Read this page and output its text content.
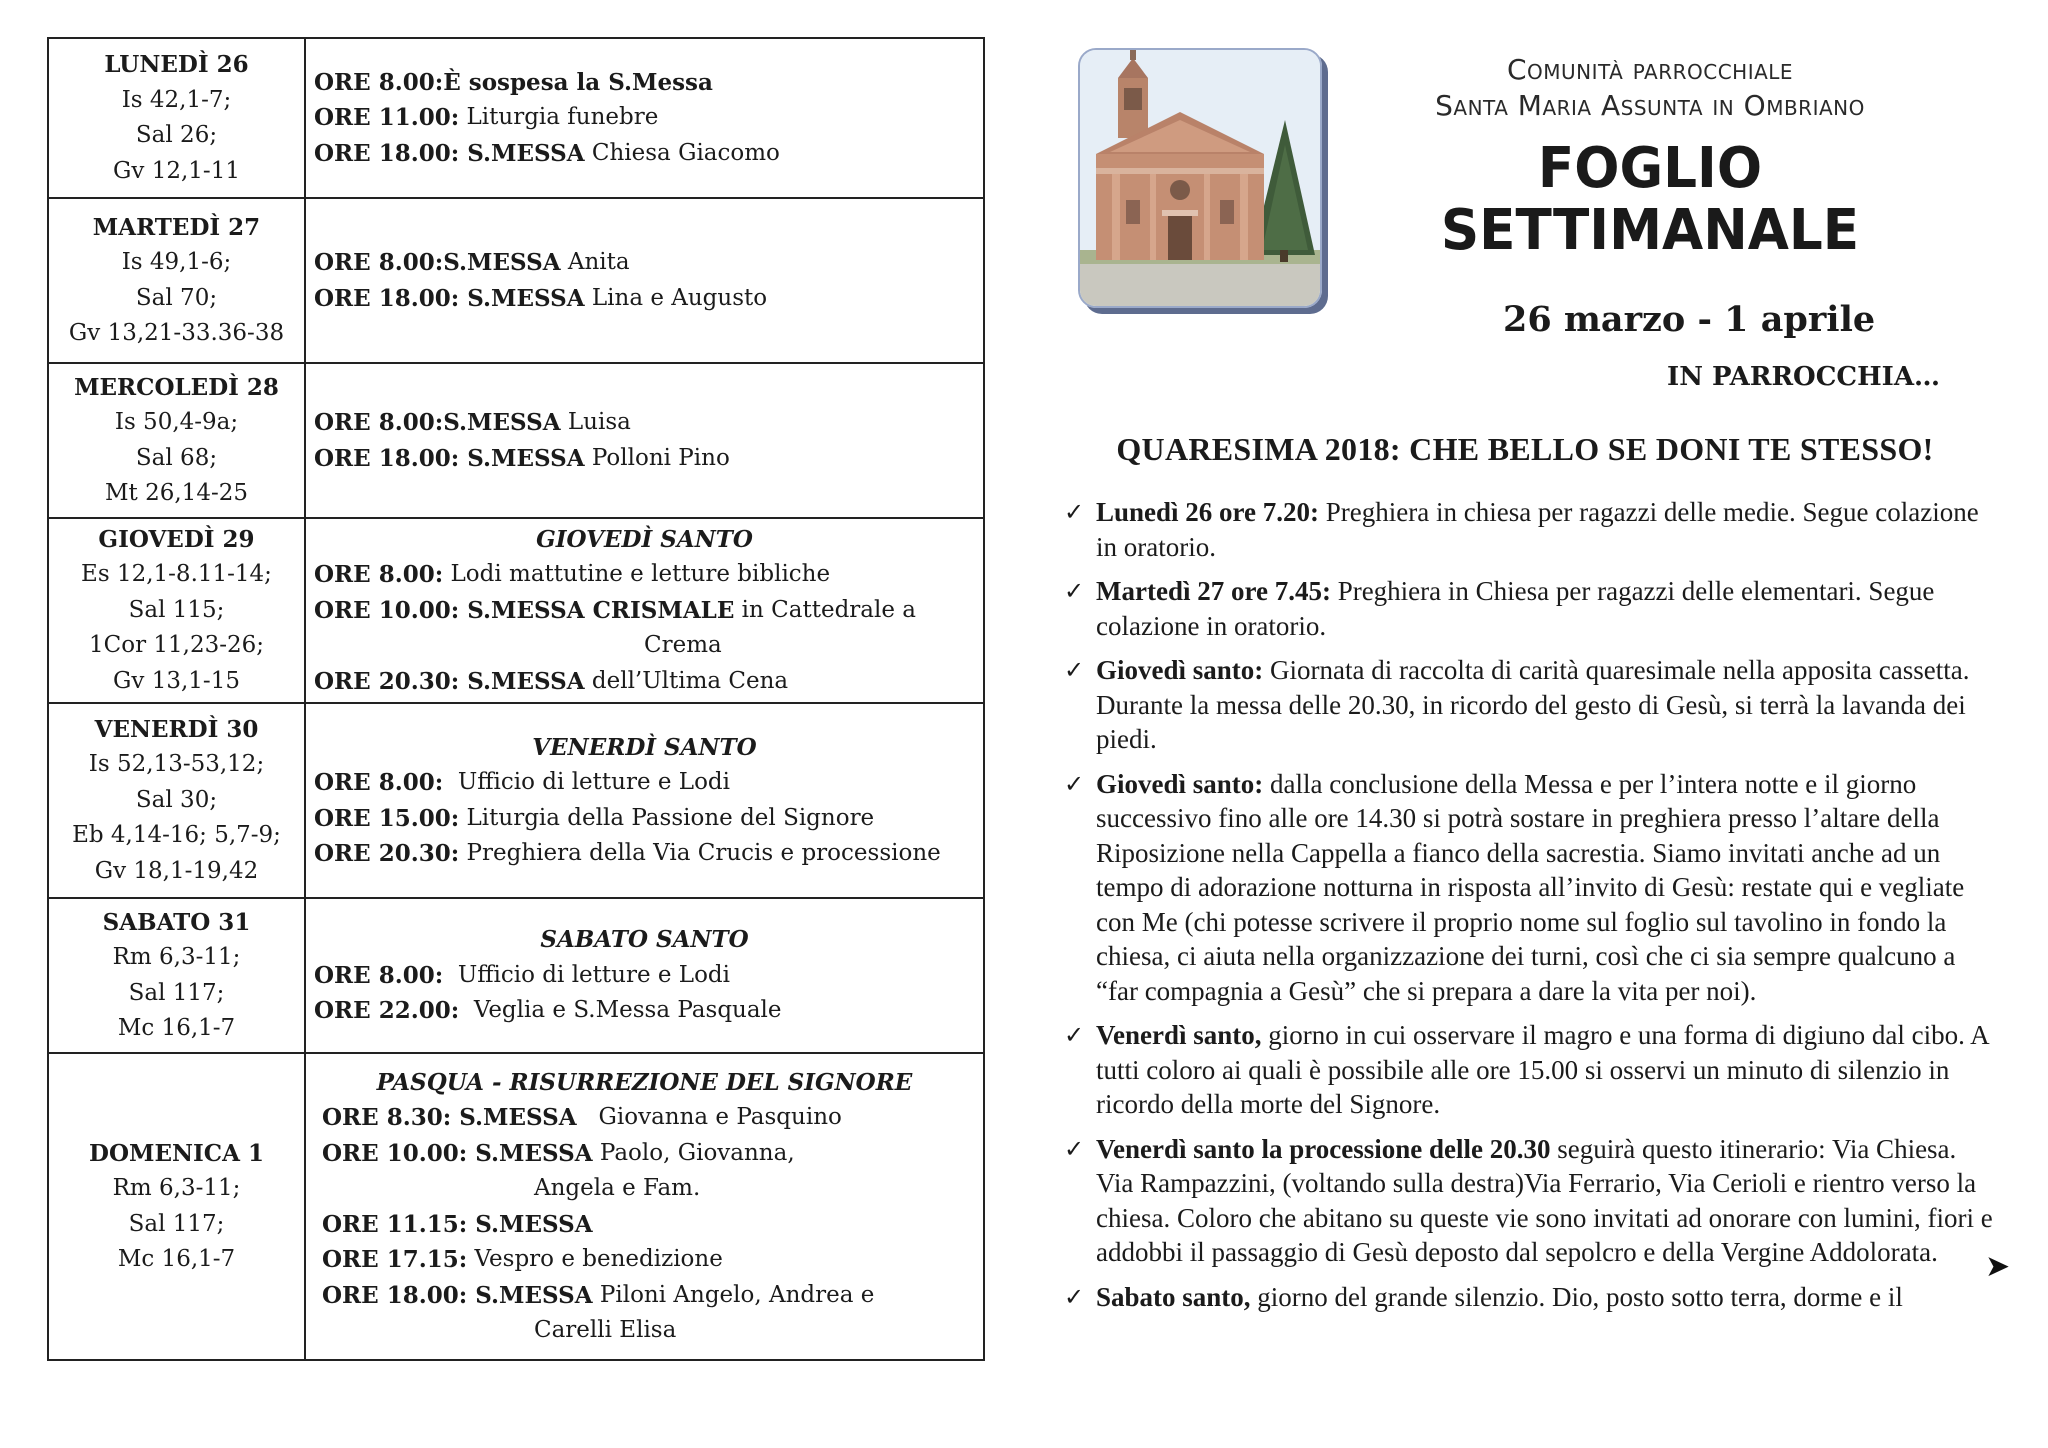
LUNEDÌ 26
Is 42,1-7;
Sal 26;
Gv 12,1-11
ORE 8.00: È sospesa la S.Messa
ORE 11.00: Liturgia funebre
ORE 18.00: S.MESSA Chiesa Giacomo
MARTEDÌ 27
Is 49,1-6;
Sal 70;
Gv 13,21-33.36-38
ORE 8.00: S.MESSA Anita
ORE 18.00: S.MESSA Lina e Augusto
MERCOLEDÌ 28
Is 50,4-9a;
Sal 68;
Mt 26,14-25
ORE 8.00: S.MESSA Luisa
ORE 18.00: S.MESSA Polloni Pino
GIOVEDÌ 29
Es 12,1-8.11-14;
Sal 115;
1Cor 11,23-26;
Gv 13,1-15
GIOVEDÌ SANTO
ORE 8.00: Lodi mattutine e letture bibliche
ORE 10.00: S.MESSA CRISMALE in Cattedrale a
Crema
ORE 20.30: S.MESSA dell’Ultima Cena
VENERDÌ 30
Is 52,13-53,12;
Sal 30;
Eb 4,14-16; 5,7-9;
Gv 18,1-19,42
VENERDÌ SANTO
ORE 8.00: Ufficio di letture e Lodi
ORE 15.00: Liturgia della Passione del Signore
ORE 20.30: Preghiera della Via Crucis e processione
SABATO 31
Rm 6,3-11;
Sal 117;
Mc 16,1-7
SABATO SANTO
ORE 8.00: Ufficio di letture e Lodi
ORE 22.00: Veglia e S.Messa Pasquale
DOMENICA 1
Rm 6,3-11;
Sal 117;
Mc 16,1-7
PASQUA - RISURREZIONE DEL SIGNORE
ORE 8.30: S.MESSA Giovanna e Pasquino
ORE 10.00: S.MESSA Paolo, Giovanna,
Angela e Fam.
ORE 11.15: S.MESSA
ORE 17.15: Vespro e benedizione
ORE 18.00: S.MESSA Piloni Angelo, Andrea e
Carelli Elisa
Comunità parrocchiale
Santa Maria Assunta in Ombriano
FOGLIO
SETTIMANALE
26 marzo - 1 aprile
IN PARROCCHIA…
QUARESIMA 2018: CHE BELLO SE DONI TE STESSO!
✓ Lunedì 26 ore 7.20: Preghiera in chiesa per ragazzi delle medie. Segue colazione in oratorio.
✓ Martedì 27 ore 7.45: Preghiera in Chiesa per ragazzi delle elementari. Segue colazione in oratorio.
✓ Giovedì santo: Giornata di raccolta di carità quaresimale nella apposita cassetta. Durante la messa delle 20.30, in ricordo del gesto di Gesù, si terrà la lavanda dei piedi.
✓ Giovedì santo: dalla conclusione della Messa e per l’intera notte e il giorno successivo fino alle ore 14.30 si potrà sostare in preghiera presso l’altare della Riposizione nella Cappella a fianco della sacrestia. Siamo invitati anche ad un tempo di adorazione notturna in risposta all’invito di Gesù: restate qui e vegliate con Me (chi potesse scrivere il proprio nome sul foglio sul tavolino in fondo la chiesa, ci aiuta nella organizzazione dei turni, così che ci sia sempre qualcuno a “far compagnia a Gesù” che si prepara a dare la vita per noi).
✓ Venerdì santo, giorno in cui osservare il magro e una forma di digiuno dal cibo. A tutti coloro ai quali è possibile alle ore 15.00 si osservi un minuto di silenzio in ricordo della morte del Signore.
✓ Venerdì santo la processione delle 20.30 seguirà questo itinerario: Via Chiesa. Via Rampazzini, (voltando sulla destra)Via Ferrario, Via Cerioli e rientro verso la chiesa. Coloro che abitano su queste vie sono invitati ad onorare con lumini, fiori e addobbi il passaggio di Gesù deposto dal sepolcro e della Vergine Addolorata.
✓ Sabato santo, giorno del grande silenzio. Dio, posto sotto terra, dorme e il
➤
